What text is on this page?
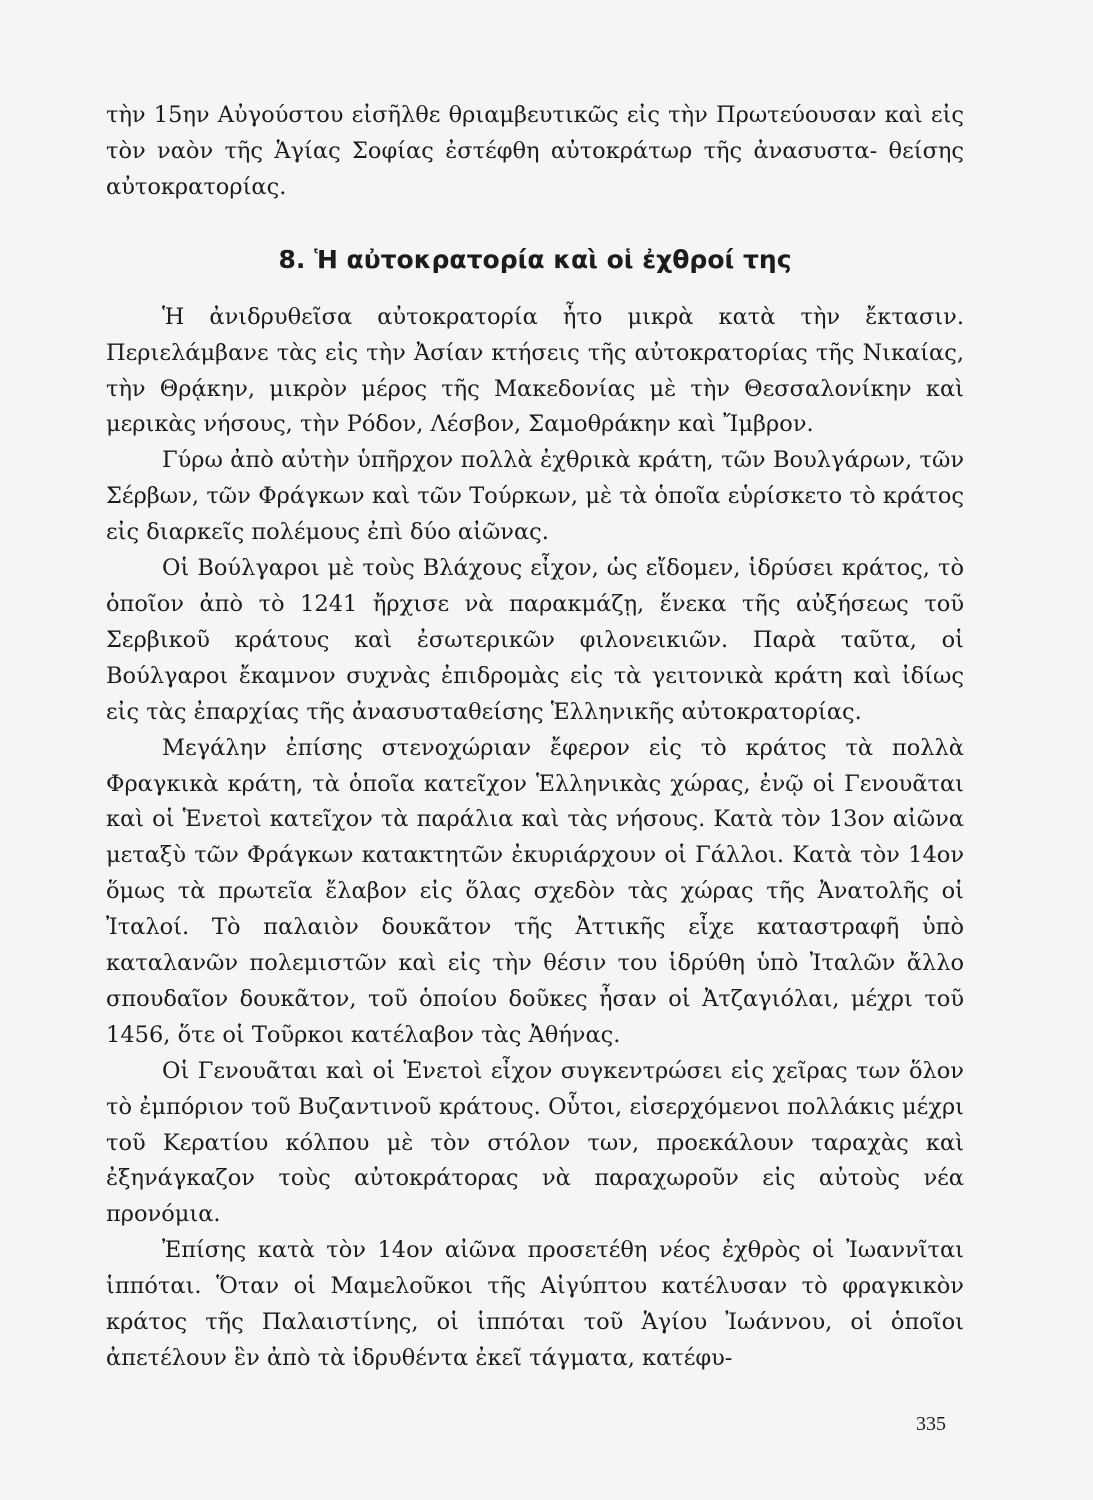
τὴν 15ην Αὐγούστου εἰσῆλθε θριαμβευτικῶς εἰς τὴν Πρωτεύουσαν καὶ εἰς τὸν ναὸν τῆς Ἁγίας Σοφίας ἐστέφθη αὐτοκράτωρ τῆς ἀνασυστα- θείσης αὐτοκρατορίας.

8. Ἡ αὐτοκρατορία καὶ οἱ ἐχθροί της

Ἡ ἀνιδρυθεῖσα αὐτοκρατορία ἦτο μικρὰ κατὰ τὴν ἔκτασιν. Περιελάμβανε τὰς εἰς τὴν Ἀσίαν κτήσεις τῆς αὐτοκρατορίας τῆς Νικαίας, τὴν Θρᾴκην, μικρὸν μέρος τῆς Μακεδονίας μὲ τὴν Θεσσαλονίκην καὶ μερικὰς νήσους, τὴν Ρόδον, Λέσβον, Σαμοθράκην καὶ Ἴμβρον.

Γύρω ἀπὸ αὐτὴν ὑπῆρχον πολλὰ ἐχθρικὰ κράτη, τῶν Βουλγάρων, τῶν Σέρβων, τῶν Φράγκων καὶ τῶν Τούρκων, μὲ τὰ ὁποῖα εὑρίσκετο τὸ κράτος εἰς διαρκεῖς πολέμους ἐπὶ δύο αἰῶνας.

Οἱ Βούλγαροι μὲ τοὺς Βλάχους εἶχον, ὡς εἴδομεν, ἱδρύσει κράτος, τὸ ὁποῖον ἀπὸ τὸ 1241 ἤρχισε νὰ παρακμάζῃ, ἕνεκα τῆς αὐξήσεως τοῦ Σερβικοῦ κράτους καὶ ἐσωτερικῶν φιλονεικιῶν. Παρὰ ταῦτα, οἱ Βούλγαροι ἔκαμνον συχνὰς ἐπιδρομὰς εἰς τὰ γειτονικὰ κράτη καὶ ἰδίως εἰς τὰς ἐπαρχίας τῆς ἀνασυσταθείσης Ἑλληνικῆς αὐτοκρατορίας.

Μεγάλην ἐπίσης στενοχώριαν ἔφερον εἰς τὸ κράτος τὰ πολλὰ Φραγκικὰ κράτη, τὰ ὁποῖα κατεῖχον Ἑλληνικὰς χώρας, ἐνῷ οἱ Γενουᾶται καὶ οἱ Ἑνετοὶ κατεῖχον τὰ παράλια καὶ τὰς νήσους. Κατὰ τὸν 13ον αἰῶνα μεταξὺ τῶν Φράγκων κατακτητῶν ἐκυριάρχουν οἱ Γάλλοι. Κατὰ τὸν 14ον ὅμως τὰ πρωτεῖα ἔλαβον εἰς ὅλας σχεδὸν τὰς χώρας τῆς Ἀνατολῆς οἱ Ἰταλοί. Τὸ παλαιὸν δουκᾶτον τῆς Ἀττικῆς εἶχε καταστραφῆ ὑπὸ καταλανῶν πολεμιστῶν καὶ εἰς τὴν θέσιν του ἱδρύθη ὑπὸ Ἰταλῶν ἄλλο σπουδαῖον δουκᾶτον, τοῦ ὁποίου δοῦκες ἦσαν οἱ Ἀτζαγιόλαι, μέχρι τοῦ 1456, ὅτε οἱ Τοῦρκοι κατέλαβον τὰς Ἀθήνας.

Οἱ Γενουᾶται καὶ οἱ Ἑνετοὶ εἶχον συγκεντρώσει εἰς χεῖρας των ὅλον τὸ ἐμπόριον τοῦ Βυζαντινοῦ κράτους. Οὗτοι, εἰσερχόμενοι πολλάκις μέχρι τοῦ Κερατίου κόλπου μὲ τὸν στόλον των, προεκάλουν ταραχὰς καὶ ἐξηνάγκαζον τοὺς αὐτοκράτορας νὰ παραχωροῦν εἰς αὐτοὺς νέα προνόμια.

Ἐπίσης κατὰ τὸν 14ον αἰῶνα προσετέθη νέος ἐχθρὸς οἱ Ἰωαννῖται ἱππόται. Ὅταν οἱ Μαμελοῦκοι τῆς Αἰγύπτου κατέλυσαν τὸ φραγκικὸν κράτος τῆς Παλαιστίνης, οἱ ἱππόται τοῦ Ἁγίου Ἰωάννου, οἱ ὁποῖοι ἀπετέλουν ἓν ἀπὸ τὰ ἱδρυθέντα ἐκεῖ τάγματα, κατέφυ-

335
